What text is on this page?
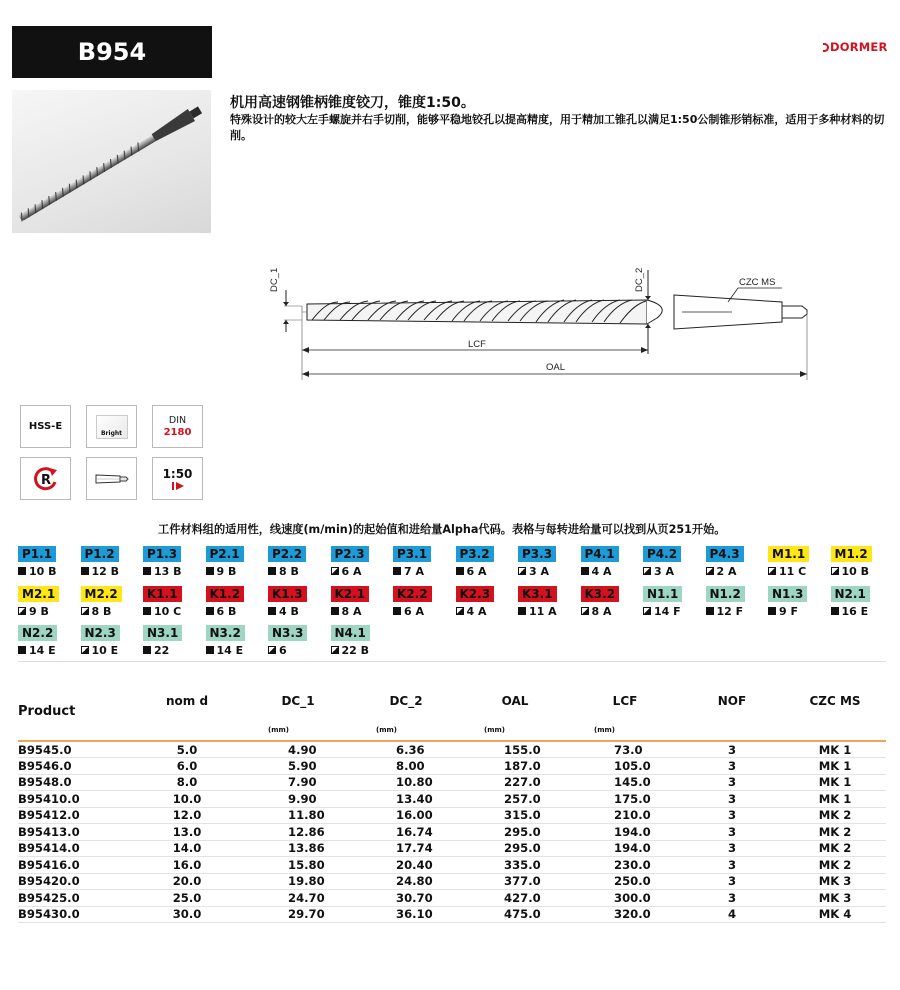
B954	DORMER
机用高速钢锥柄锥度铰刀，锥度1:50。
特殊设计的较大左手螺旋并右手切削，能够平稳地铰孔以提高精度，用于精加工锥孔以满足1:50公制锥形销标准，适用于多种材料的切削。
DC_1	DC_2	CZC MS
LCF
OAL
HSS-E
Bright
DIN
2180
R	1:50
工件材料组的适用性，线速度(m/min)的起始值和进给量Alpha代码。表格与每转进给量可以找到从页251开始。
P1.1
10 B
P1.2
12 B
P1.3
13 B
P2.1
9 B
P2.2
8 B
P2.3
6 A
P3.1
7 A
P3.2
6 A
P3.3
3 A
P4.1
4 A
P4.2
3 A
P4.3
2 A
M1.1
11 C
M1.2
10 B
M2.1
9 B
M2.2
8 B
K1.1
10 C
K1.2
6 B
K1.3
4 B
K2.1
8 A
K2.2
6 A
K2.3
4 A
K3.1
11 A
K3.2
8 A
N1.1
14 F
N1.2
12 F
N1.3
9 F
N2.1
16 E
N2.2
14 E
N2.3
10 E
N3.1
22
N3.2
14 E
N3.3
6
N4.1
22 B
Product	nom d	DC_1	DC_2	OAL	LCF	NOF	CZC MS
		(mm)	(mm)	(mm)	(mm)		
B9545.0	5.0	4.90	6.36	155.0	73.0	3	MK 1
B9546.0	6.0	5.90	8.00	187.0	105.0	3	MK 1
B9548.0	8.0	7.90	10.80	227.0	145.0	3	MK 1
B95410.0	10.0	9.90	13.40	257.0	175.0	3	MK 1
B95412.0	12.0	11.80	16.00	315.0	210.0	3	MK 2
B95413.0	13.0	12.86	16.74	295.0	194.0	3	MK 2
B95414.0	14.0	13.86	17.74	295.0	194.0	3	MK 2
B95416.0	16.0	15.80	20.40	335.0	230.0	3	MK 2
B95420.0	20.0	19.80	24.80	377.0	250.0	3	MK 3
B95425.0	25.0	24.70	30.70	427.0	300.0	3	MK 3
B95430.0	30.0	29.70	36.10	475.0	320.0	4	MK 4
